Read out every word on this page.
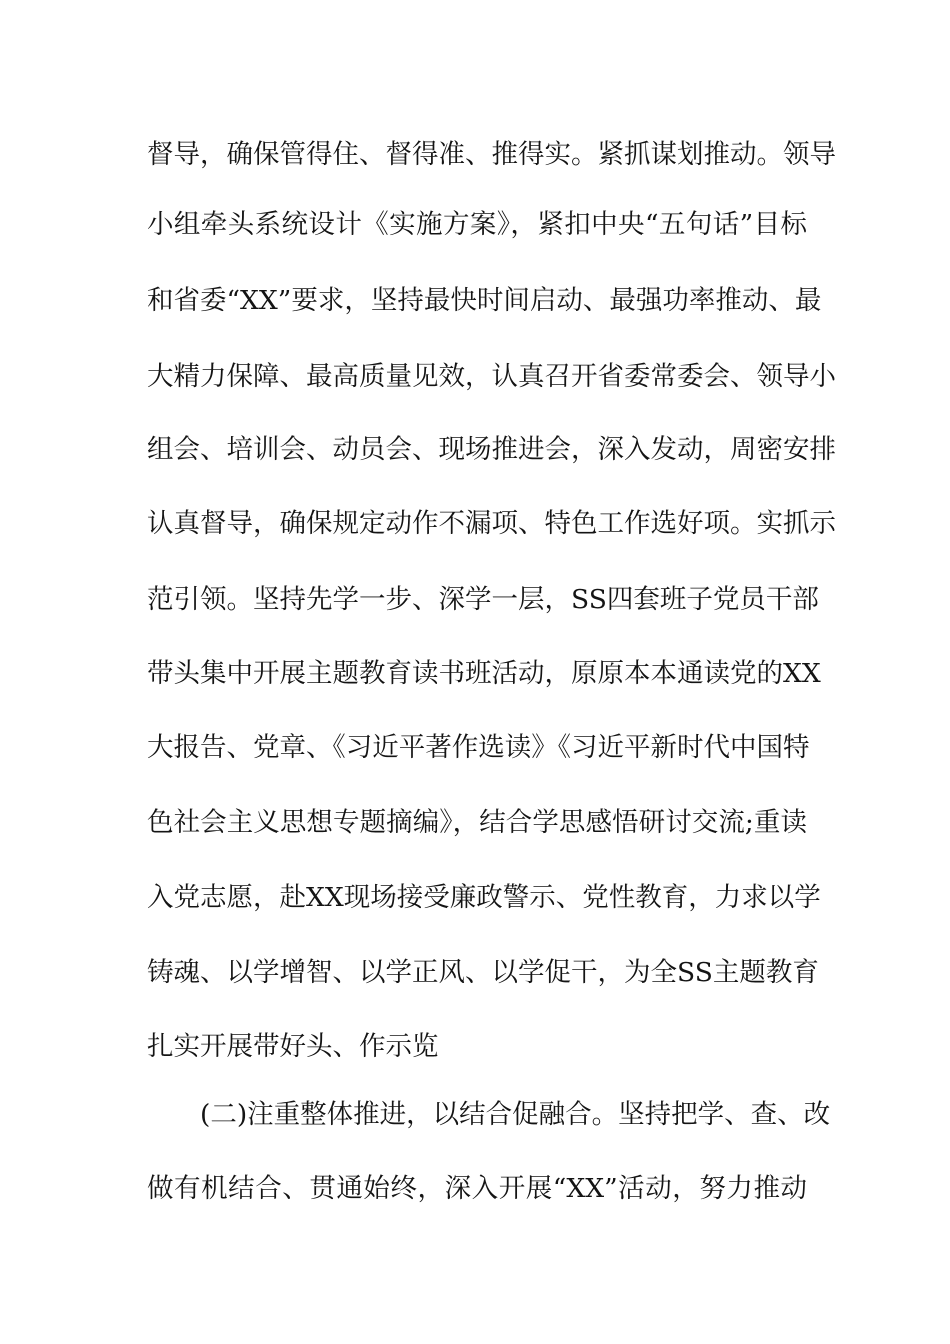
督导，确保管得住、督得准、推得实。紧抓谋划推动。领导
小组牵头系统设计《实施方案》，紧扣中央“五句话”目标
和省委“XX”要求，坚持最快时间启动、最强功率推动、最
大精力保障、最高质量见效，认真召开省委常委会、领导小
组会、培训会、动员会、现场推进会，深入发动，周密安排
认真督导，确保规定动作不漏项、特色工作选好项。实抓示
范引领。坚持先学一步、深学一层，SS四套班子党员干部
带头集中开展主题教育读书班活动，原原本本通读党的XX
大报告、党章、《习近平著作选读》《习近平新时代中国特
色社会主义思想专题摘编》，结合学思感悟研讨交流;重读
入党志愿，赴XX现场接受廉政警示、党性教育，力求以学
铸魂、以学增智、以学正风、以学促干，为全SS主题教育
扎实开展带好头、作示览
(二)注重整体推进，以结合促融合。坚持把学、查、改
做有机结合、贯通始终，深入开展“XX”活动，努力推动
